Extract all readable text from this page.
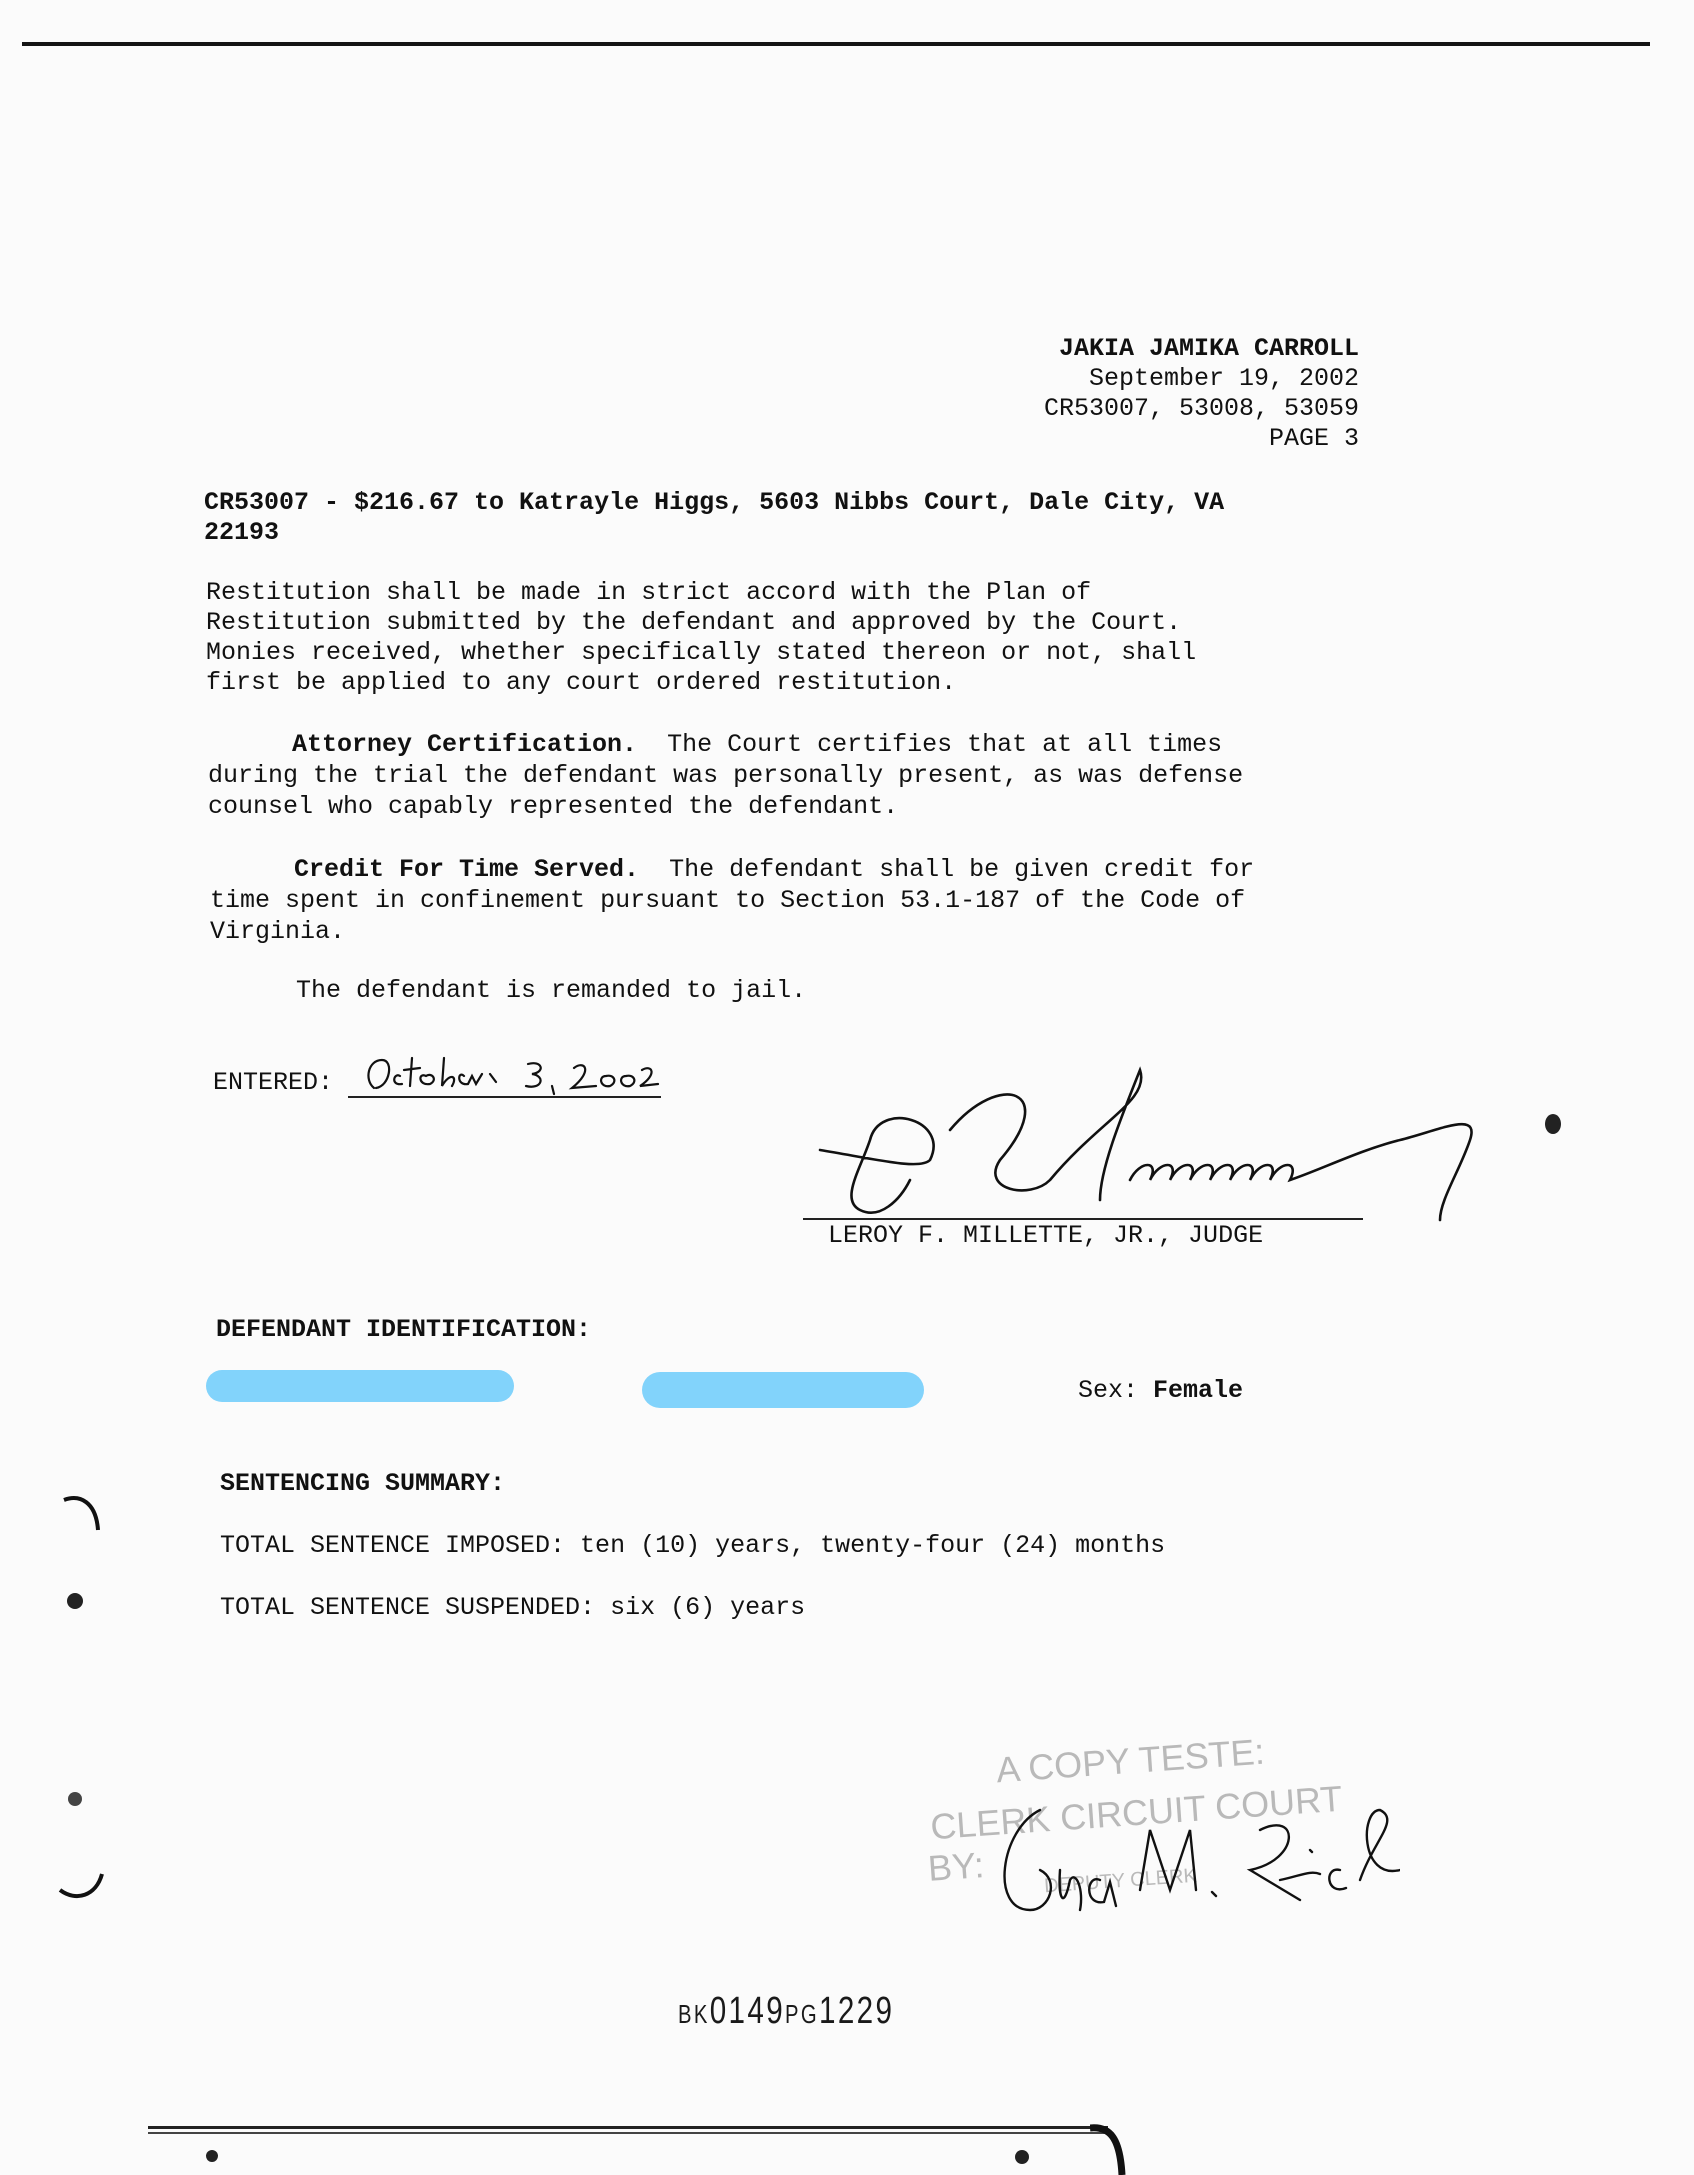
JAKIA JAMIKA CARROLL
September 19, 2002
CR53007, 53008, 53059
PAGE 3
CR53007 - $216.67 to Katrayle Higgs, 5603 Nibbs Court, Dale City, VA
22193
Restitution shall be made in strict accord with the Plan of
Restitution submitted by the defendant and approved by the Court.
Monies received, whether specifically stated thereon or not, shall
first be applied to any court ordered restitution.
Attorney Certification.  The Court certifies that at all times
during the trial the defendant was personally present, as was defense
counsel who capably represented the defendant.
Credit For Time Served.  The defendant shall be given credit for
time spent in confinement pursuant to Section 53.1-187 of the Code of
Virginia.
The defendant is remanded to jail.
ENTERED:
LEROY F. MILLETTE, JR., JUDGE
DEFENDANT IDENTIFICATION:
Sex: Female
SENTENCING SUMMARY:
TOTAL SENTENCE IMPOSED: ten (10) years, twenty-four (24) months
TOTAL SENTENCE SUSPENDED: six (6) years
A COPY TESTE:
CLERK CIRCUIT COURT
BY:	DEPUTY CLERK
BK0149PG1229
